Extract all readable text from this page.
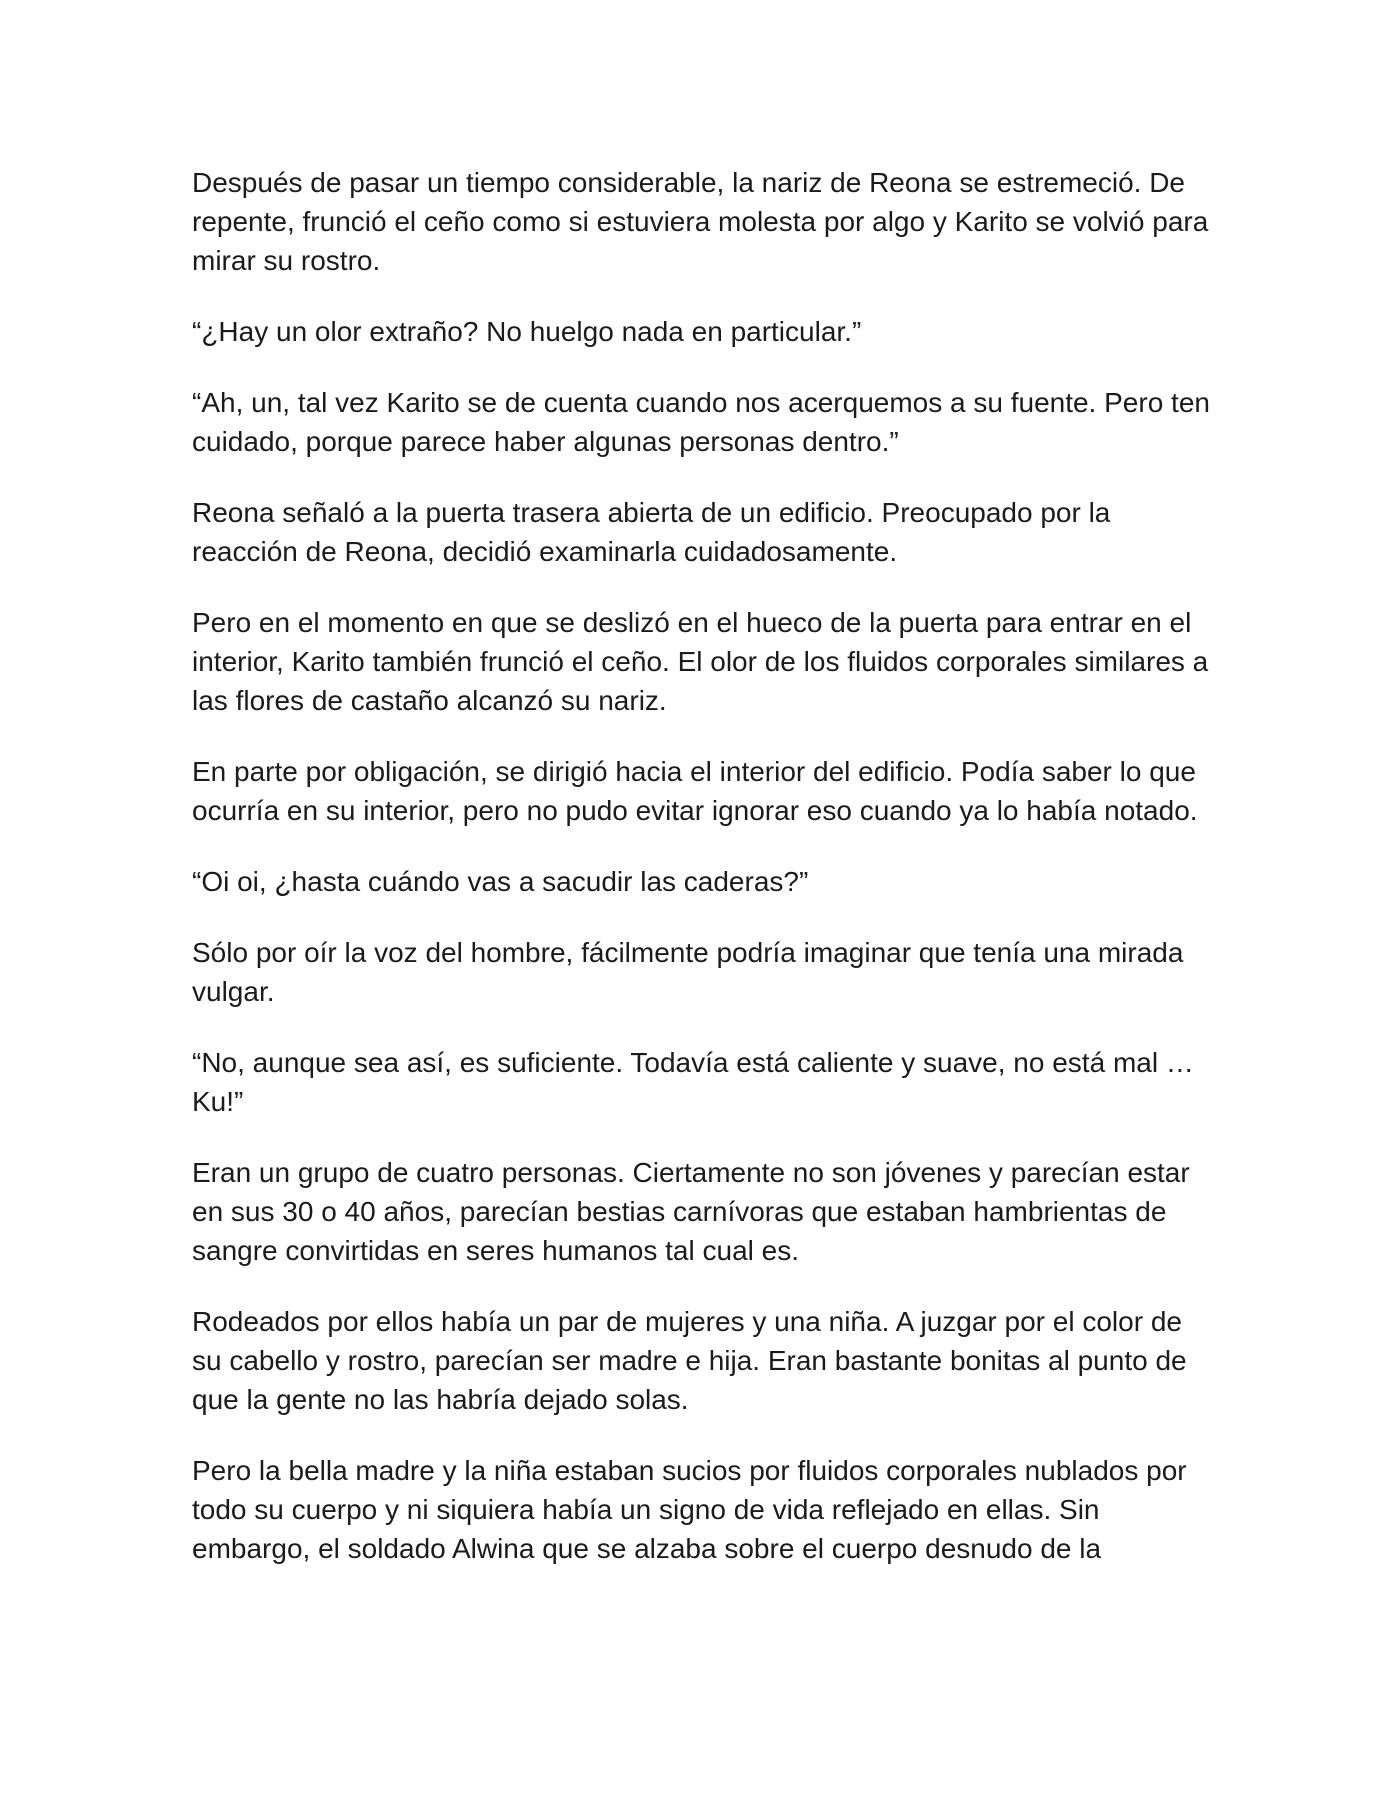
Después de pasar un tiempo considerable, la nariz de Reona se estremeció. De repente, frunció el ceño como si estuviera molesta por algo y Karito se volvió para mirar su rostro.

“¿Hay un olor extraño? No huelgo nada en particular.”

“Ah, un, tal vez Karito se de cuenta cuando nos acerquemos a su fuente. Pero ten cuidado, porque parece haber algunas personas dentro.”

Reona señaló a la puerta trasera abierta de un edificio. Preocupado por la reacción de Reona, decidió examinarla cuidadosamente.

Pero en el momento en que se deslizó en el hueco de la puerta para entrar en el interior, Karito también frunció el ceño. El olor de los fluidos corporales similares a las flores de castaño alcanzó su nariz.

En parte por obligación, se dirigió hacia el interior del edificio. Podía saber lo que ocurría en su interior, pero no pudo evitar ignorar eso cuando ya lo había notado.

“Oi oi, ¿hasta cuándo vas a sacudir las caderas?”

Sólo por oír la voz del hombre, fácilmente podría imaginar que tenía una mirada vulgar.

“No, aunque sea así, es suficiente. Todavía está caliente y suave, no está mal … Ku!”

Eran un grupo de cuatro personas. Ciertamente no son jóvenes y parecían estar en sus 30 o 40 años, parecían bestias carnívoras que estaban hambrientas de sangre convirtidas en seres humanos tal cual es.

Rodeados por ellos había un par de mujeres y una niña. A juzgar por el color de su cabello y rostro, parecían ser madre e hija. Eran bastante bonitas al punto de que la gente no las habría dejado solas.

Pero la bella madre y la niña estaban sucios por fluidos corporales nublados por todo su cuerpo y ni siquiera había un signo de vida reflejado en ellas. Sin embargo, el soldado Alwina que se alzaba sobre el cuerpo desnudo de la
